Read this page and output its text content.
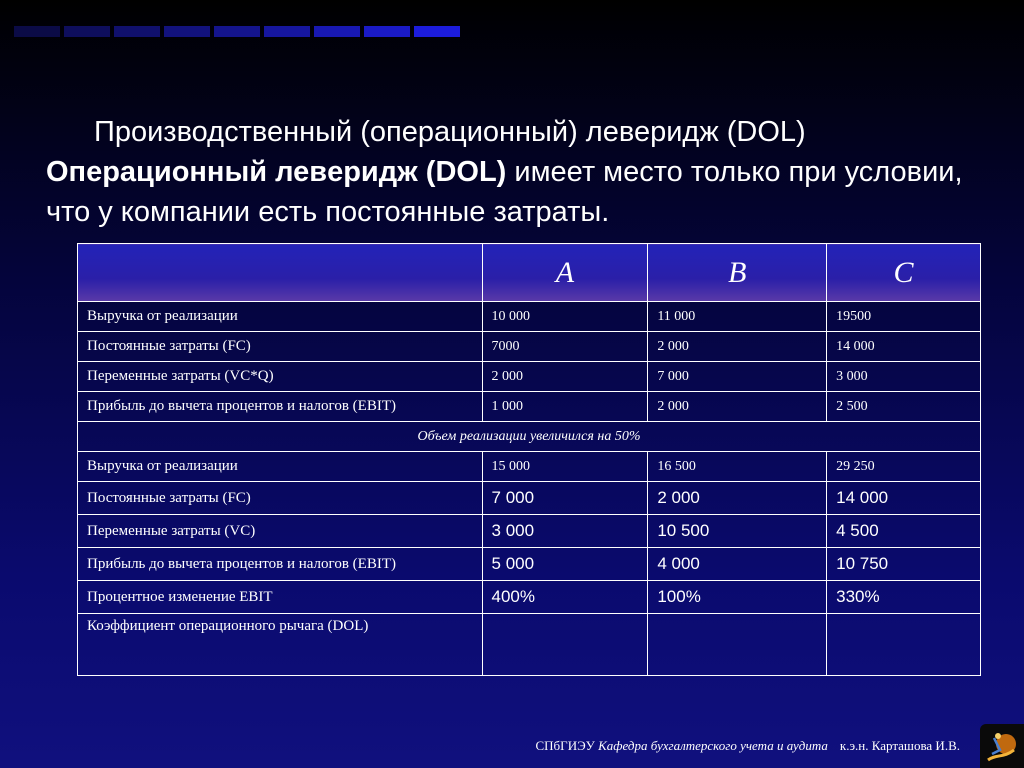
Производственный (операционный) леверидж (DOL)
Операционный левeридж (DOL) имеет место только при условии, что у компании есть постоянные затраты.
	A	B	C
Выручка от реализации	10 000	11 000	19500
Постоянные затраты (FC)	7000	2 000	14 000
Переменные затраты (VC*Q)	2 000	7 000	3 000
Прибыль до вычета процентов и налогов (EBIT)	1 000	2 000	2 500
Объем реализации увеличился на 50%			
Выручка от реализации	15 000	16 500	29 250
Постоянные затраты (FC)	7 000	2 000	14 000
Переменные затраты (VC)	3 000	10 500	4 500
Прибыль до вычета процентов и налогов (EBIT)	5 000	4 000	10 750
Процентное изменение EBIT	400%	100%	330%
Коэффициент операционного рычага (DOL)			
СПбГИЭУ Кафедра бухгалтерского учета и аудита к.э.н. Карташова И.В.
